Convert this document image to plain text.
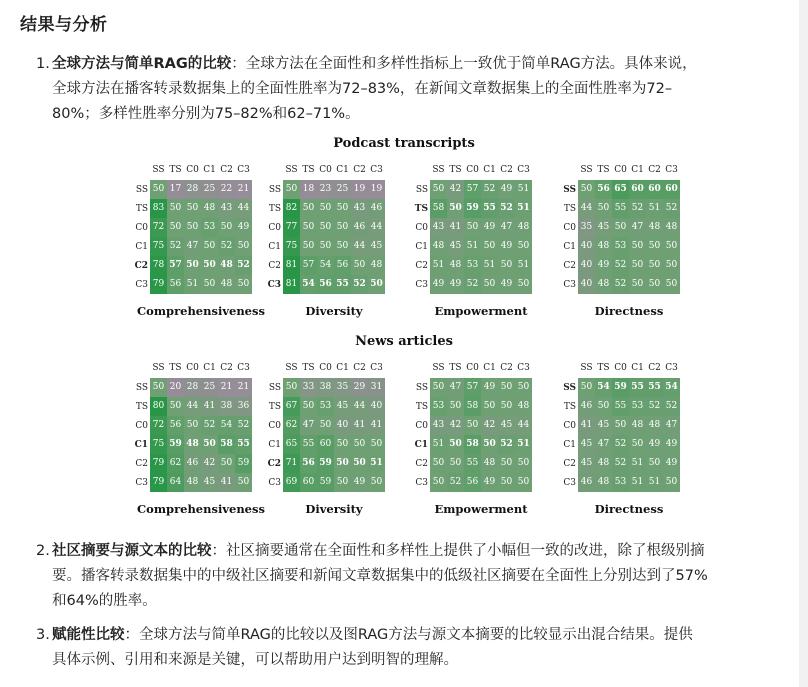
结果与分析
1. 全球方法与简单RAG的比较：全球方法在全面性和多样性指标上一致优于简单RAG方法。具体来说，
全球方法在播客转录数据集上的全面性胜率为72–83%，在新闻文章数据集上的全面性胜率为72–
80%；多样性胜率分别为75–82%和62–71%。
Podcast transcripts
SS TS C0 C1 C2 C3
SS 50 17 28 25 22 21
TS 83 50 50 48 43 44
C0 72 50 50 53 50 49
C1 75 52 47 50 52 50
C2 78 57 50 50 48 52
C3 79 56 51 50 48 50
Comprehensiveness
SS TS C0 C1 C2 C3
SS 50 18 23 25 19 19
TS 82 50 50 50 43 46
C0 77 50 50 50 46 44
C1 75 50 50 50 44 45
C2 81 57 54 56 50 48
C3 81 54 56 55 52 50
Diversity
SS TS C0 C1 C2 C3
SS 50 42 57 52 49 51
TS 58 50 59 55 52 51
C0 43 41 50 49 47 48
C1 48 45 51 50 49 50
C2 51 48 53 51 50 51
C3 49 49 52 50 49 50
Empowerment
SS TS C0 C1 C2 C3
SS 50 56 65 60 60 60
TS 44 50 55 52 51 52
C0 35 45 50 47 48 48
C1 40 48 53 50 50 50
C2 40 49 52 50 50 50
C3 40 48 52 50 50 50
Directness
News articles
SS TS C0 C1 C2 C3
SS 50 20 28 25 21 21
TS 80 50 44 41 38 36
C0 72 56 50 52 54 52
C1 75 59 48 50 58 55
C2 79 62 46 42 50 59
C3 79 64 48 45 41 50
Comprehensiveness
SS TS C0 C1 C2 C3
SS 50 33 38 35 29 31
TS 67 50 53 45 44 40
C0 62 47 50 40 41 41
C1 65 55 60 50 50 50
C2 71 56 59 50 50 51
C3 69 60 59 50 49 50
Diversity
SS TS C0 C1 C2 C3
SS 50 47 57 49 50 50
TS 53 50 58 50 50 48
C0 43 42 50 42 45 44
C1 51 50 58 50 52 51
C2 50 50 55 48 50 50
C3 50 52 56 49 50 50
Empowerment
SS TS C0 C1 C2 C3
SS 50 54 59 55 55 54
TS 46 50 55 53 52 52
C0 41 45 50 48 48 47
C1 45 47 52 50 49 49
C2 45 48 52 51 50 49
C3 46 48 53 51 51 50
Directness
2. 社区摘要与源文本的比较：社区摘要通常在全面性和多样性上提供了小幅但一致的改进，除了根级别摘
要。播客转录数据集中的中级社区摘要和新闻文章数据集中的低级社区摘要在全面性上分别达到了57%
和64%的胜率。
3. 赋能性比较：全球方法与简单RAG的比较以及图RAG方法与源文本摘要的比较显示出混合结果。提供
具体示例、引用和来源是关键，可以帮助用户达到明智的理解。
